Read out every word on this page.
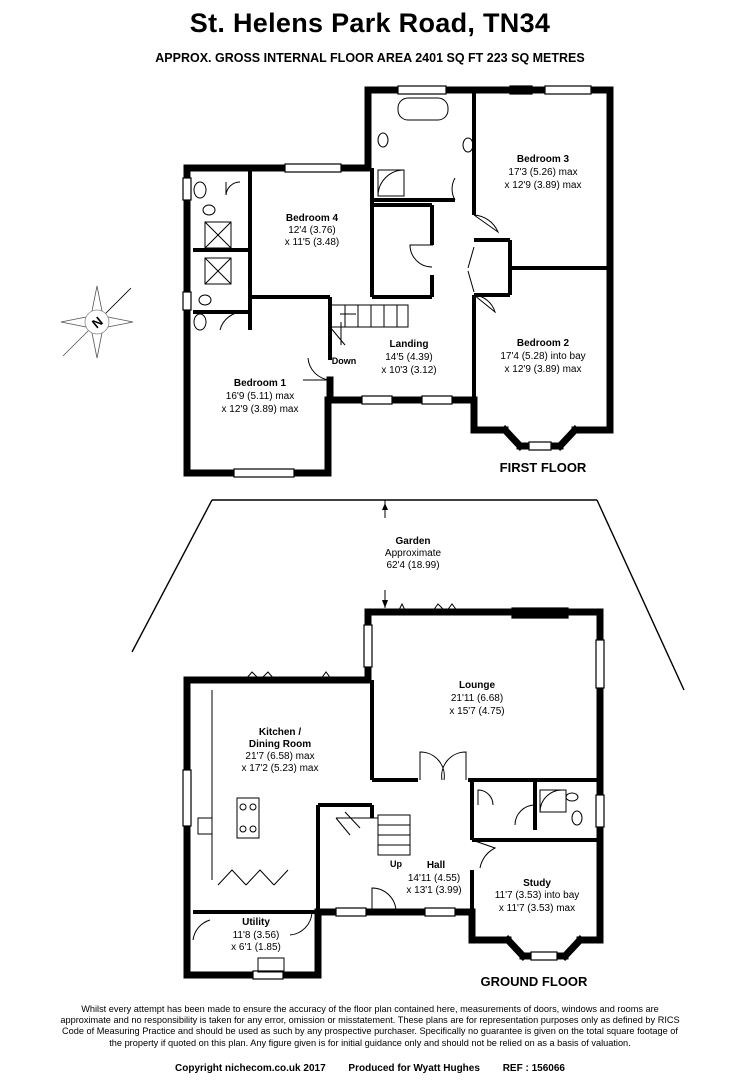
St. Helens Park Road, TN34
APPROX. GROSS INTERNAL FLOOR AREA 2401 SQ FT 223 SQ METRES
Bedroom 4
12'4 (3.76)
x 11'5 (3.48)
Bedroom 3
17'3 (5.26) max
x 12'9 (3.89) max
Landing
14'5 (4.39)
x 10'3 (3.12)
Bedroom 2
17'4 (5.28) into bay
x 12'9 (3.89) max
Bedroom 1
16'9 (5.11) max
x 12'9 (3.89) max
Down
FIRST FLOOR
N
Garden
Approximate
62'4 (18.99)
Lounge
21'11 (6.68)
x 15'7 (4.75)
Kitchen /
Dining Room
21'7 (6.58) max
x 17'2 (5.23) max
Hall
14'11 (4.55)
x 13'1 (3.99)
Study
11'7 (3.53) into bay
x 11'7 (3.53) max
Utility
11'8 (3.56)
x 6'1 (1.85)
Up
GROUND FLOOR
Whilst every attempt has been made to ensure the accuracy of the floor plan contained here, measurements of doors, windows and rooms are approximate and no responsibility is taken for any error, omission or misstatement. These plans are for representation purposes only as defined by RICS Code of Measuring Practice and should be used as such by any prospective purchaser. Specifically no guarantee is given on the total square footage of the property if quoted on this plan. Any figure given is for initial guidance only and should not be relied on as a basis of valuation.
Copyright nichecom.co.uk 2017 Produced for Wyatt Hughes REF : 156066
